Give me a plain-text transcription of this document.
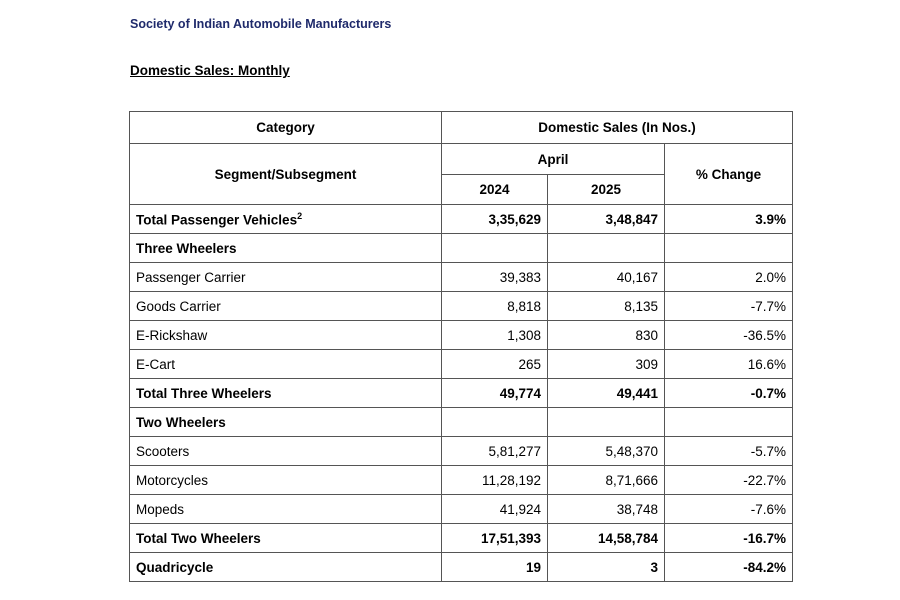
Society of Indian Automobile Manufacturers
Domestic Sales: Monthly
Category	Domestic Sales (In Nos.)		
Segment/Subsegment	April		% Change
	2024	2025	
Total Passenger Vehicles$^2$	3,35,629	3,48,847	3.9%
Three Wheelers			
Passenger Carrier	39,383	40,167	2.0%
Goods Carrier	8,818	8,135	-7.7%
E-Rickshaw	1,308	830	-36.5%
E-Cart	265	309	16.6%
Total Three Wheelers	49,774	49,441	-0.7%
Two Wheelers			
Scooters	5,81,277	5,48,370	-5.7%
Motorcycles	11,28,192	8,71,666	-22.7%
Mopeds	41,924	38,748	-7.6%
Total Two Wheelers	17,51,393	14,58,784	-16.7%
Quadricycle	19	3	-84.2%
